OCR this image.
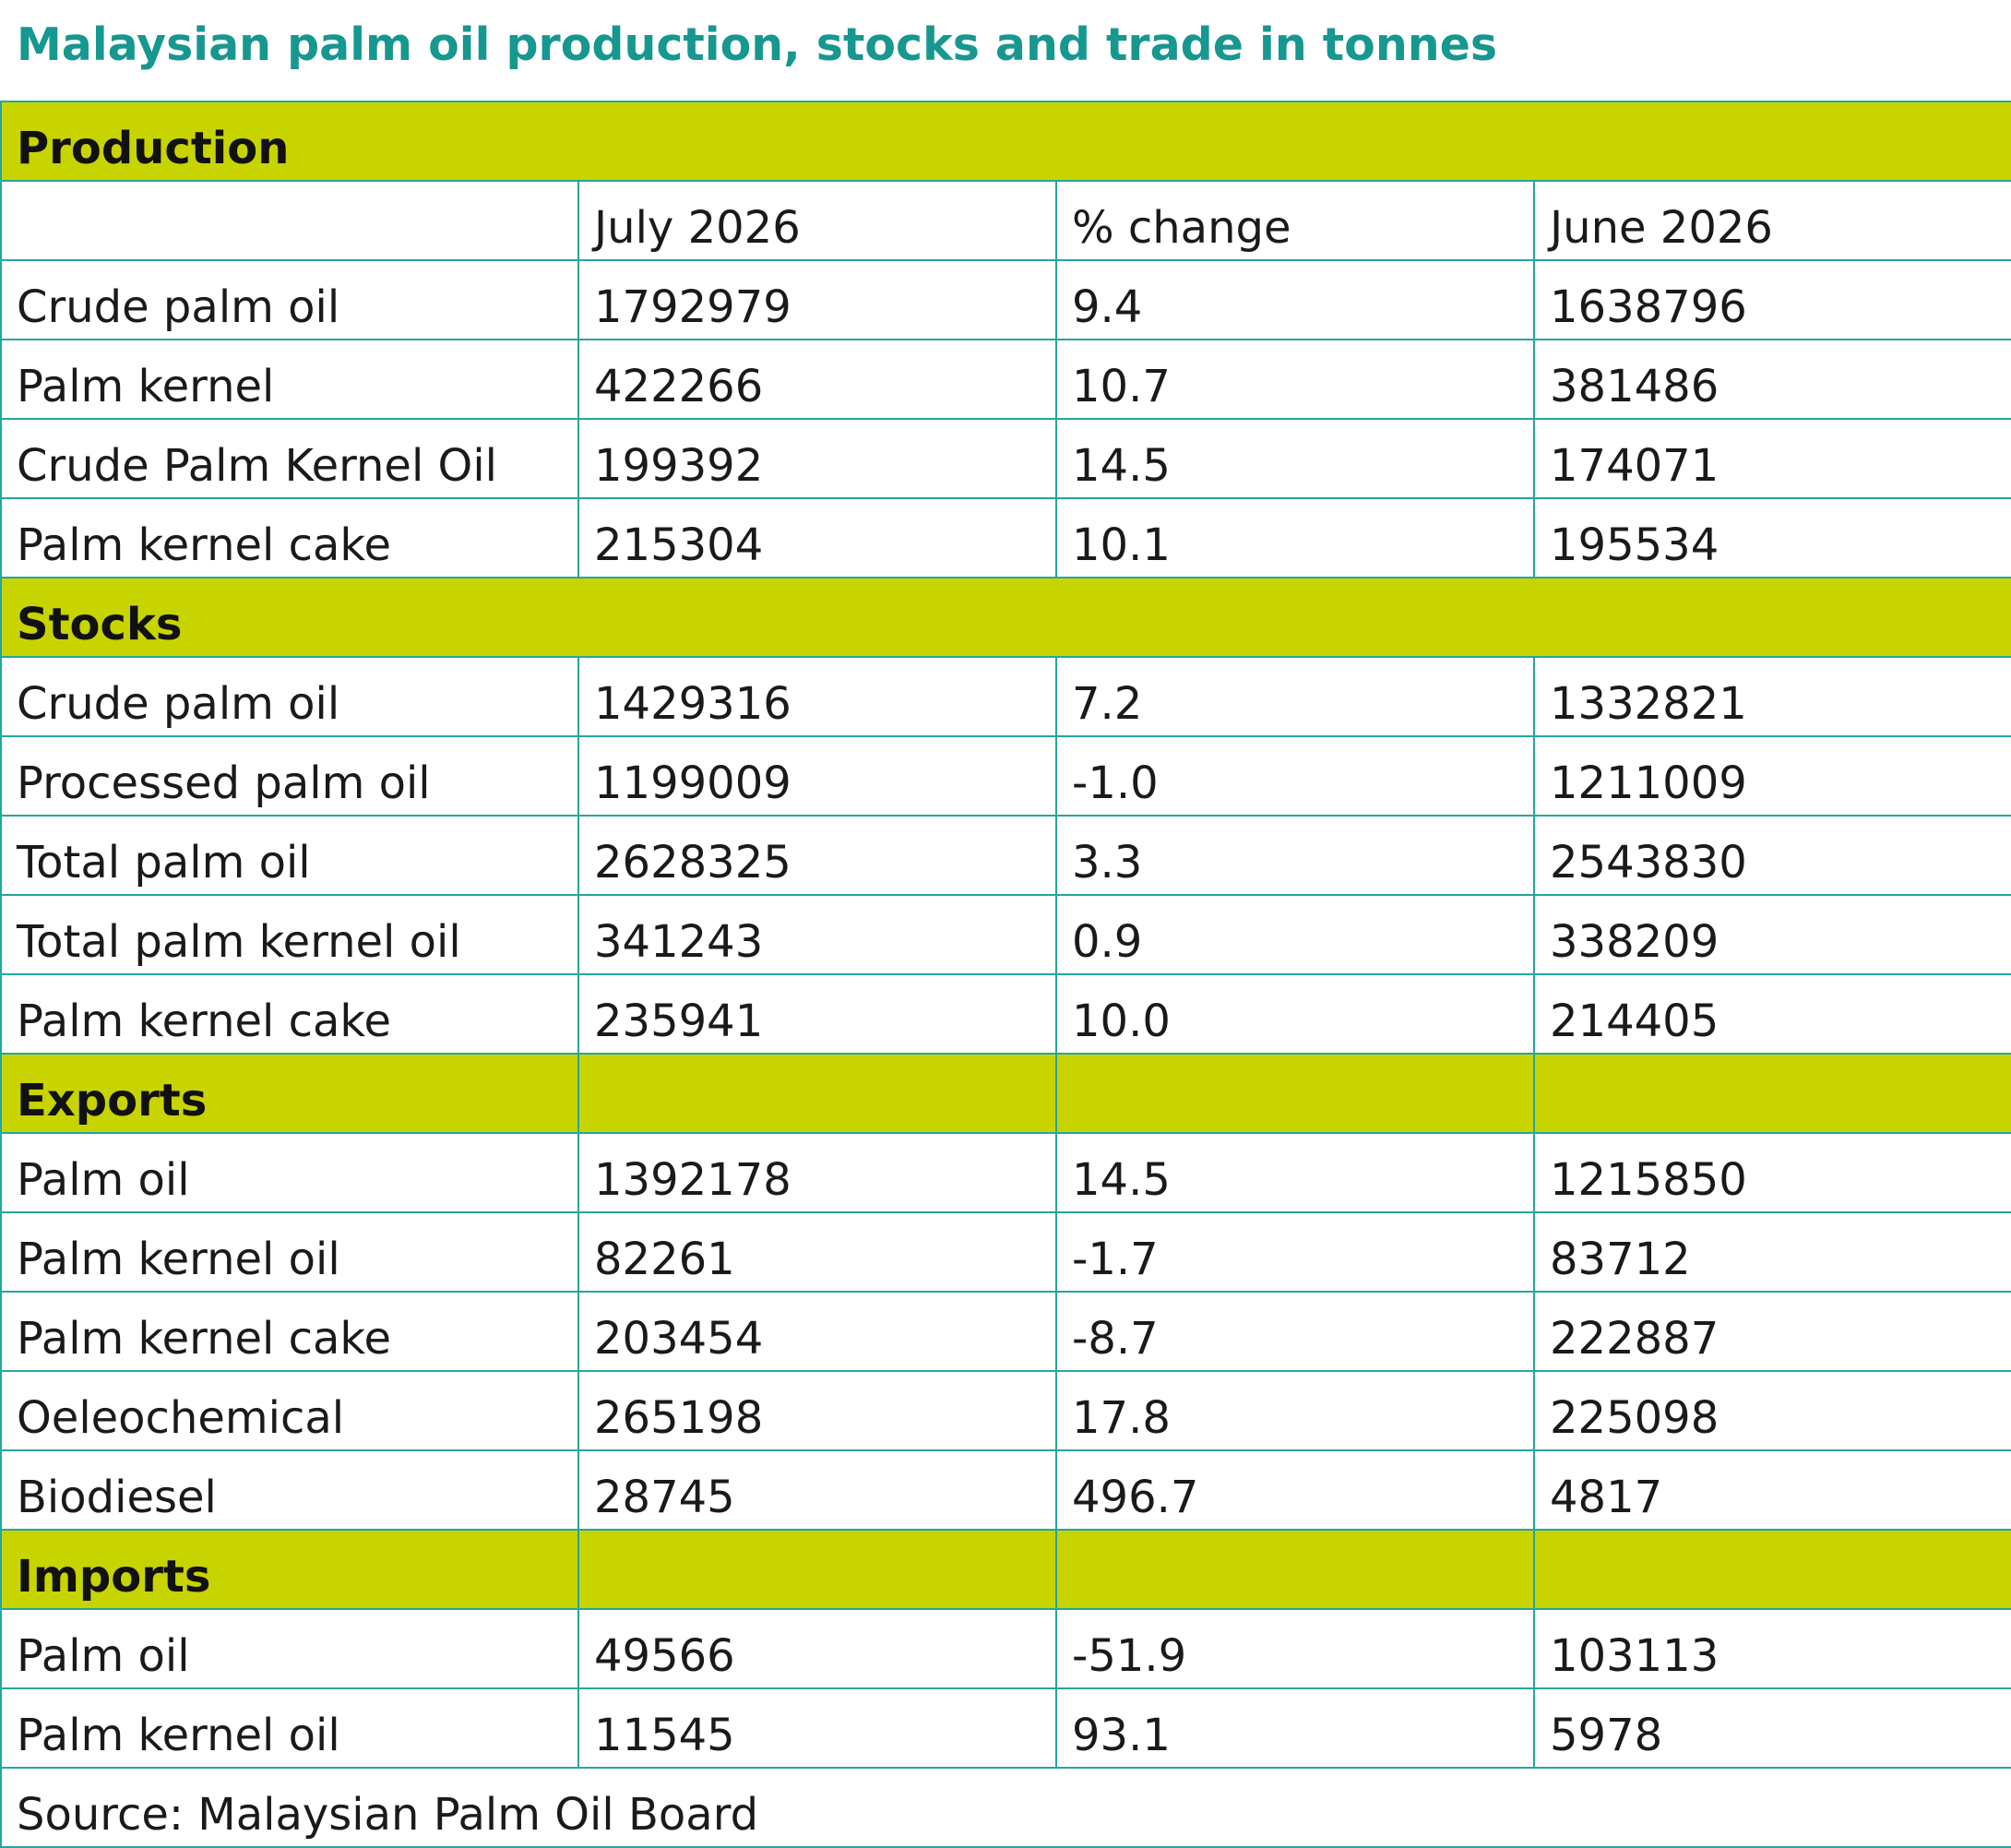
Malaysian palm oil production, stocks and trade in tonnes
Production			
	July 2026	% change	June 2026
Crude palm oil	1792979	9.4	1638796
Palm kernel	422266	10.7	381486
Crude Palm Kernel Oil	199392	14.5	174071
Palm kernel cake	215304	10.1	195534
Stocks			
Crude palm oil	1429316	7.2	1332821
Processed palm oil	1199009	-1.0	1211009
Total palm oil	2628325	3.3	2543830
Total palm kernel oil	341243	0.9	338209
Palm kernel cake	235941	10.0	214405
Exports			
Palm oil	1392178	14.5	1215850
Palm kernel oil	82261	-1.7	83712
Palm kernel cake	203454	-8.7	222887
Oeleochemical	265198	17.8	225098
Biodiesel	28745	496.7	4817
Imports			
Palm oil	49566	-51.9	103113
Palm kernel oil	11545	93.1	5978
Source: Malaysian Palm Oil Board			
